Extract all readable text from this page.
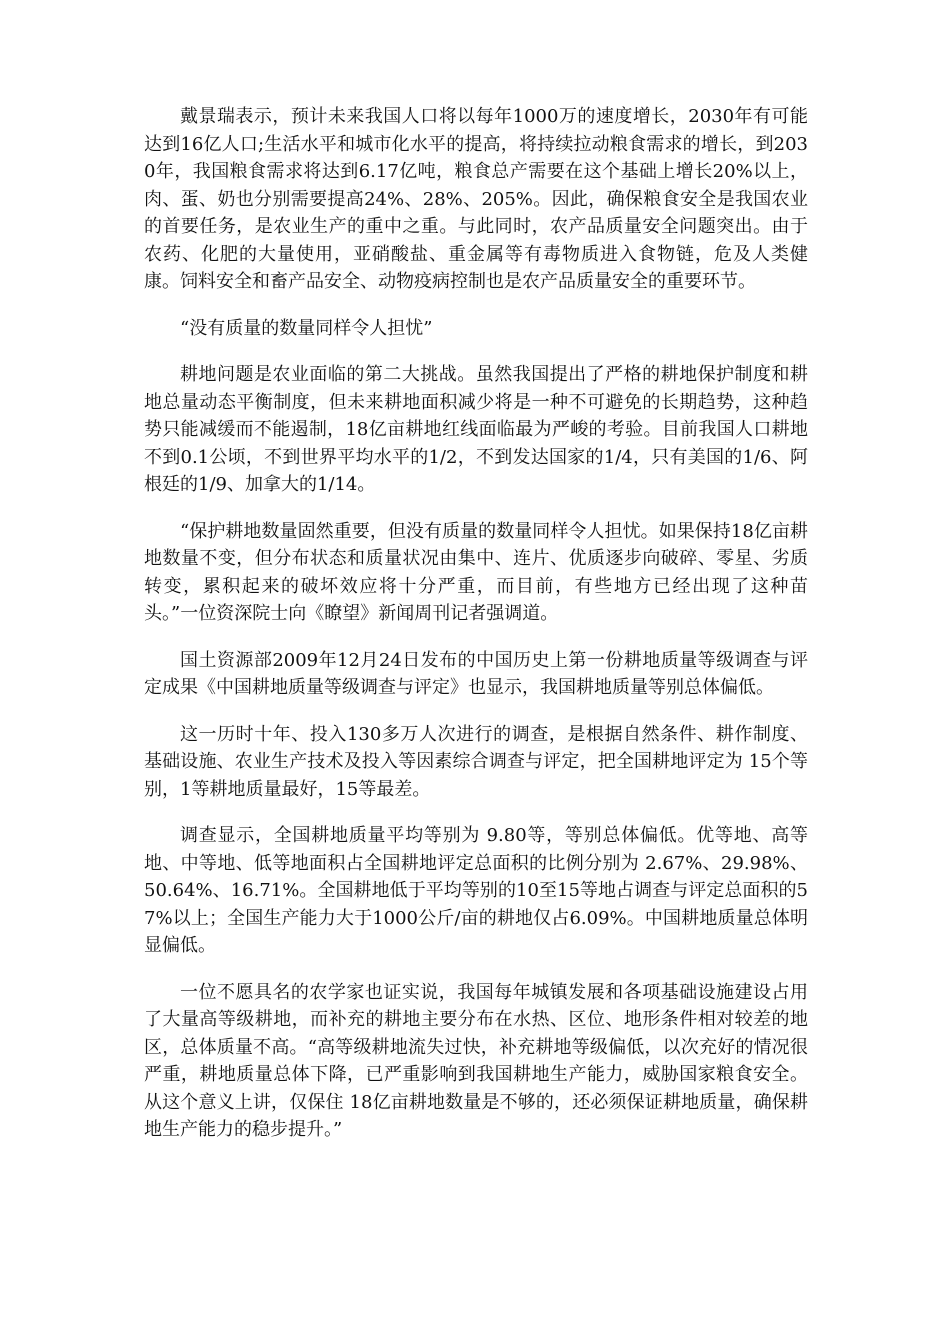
戴景瑞表示，预计未来我国人口将以每年1000万的速度增长，2030年有可能达到16亿人口;生活水平和城市化水平的提高，将持续拉动粮食需求的增长，到2030年，我国粮食需求将达到6.17亿吨，粮食总产需要在这个基础上增长20%以上，肉、蛋、奶也分别需要提高24%、28%、205%。因此，确保粮食安全是我国农业的首要任务，是农业生产的重中之重。与此同时，农产品质量安全问题突出。由于农药、化肥的大量使用，亚硝酸盐、重金属等有毒物质进入食物链，危及人类健康。饲料安全和畜产品安全、动物疫病控制也是农产品质量安全的重要环节。

“没有质量的数量同样令人担忧”

耕地问题是农业面临的第二大挑战。虽然我国提出了严格的耕地保护制度和耕地总量动态平衡制度，但未来耕地面积减少将是一种不可避免的长期趋势，这种趋势只能减缓而不能遏制，18亿亩耕地红线面临最为严峻的考验。目前我国人口耕地不到0.1公顷，不到世界平均水平的1/2，不到发达国家的1/4，只有美国的1/6、阿根廷的1/9、加拿大的1/14。

“保护耕地数量固然重要，但没有质量的数量同样令人担忧。如果保持18亿亩耕地数量不变，但分布状态和质量状况由集中、连片、优质逐步向破碎、零星、劣质转变，累积起来的破坏效应将十分严重，而目前，有些地方已经出现了这种苗头。”一位资深院士向《瞭望》新闻周刊记者强调道。

国土资源部2009年12月24日发布的中国历史上第一份耕地质量等级调查与评定成果《中国耕地质量等级调查与评定》也显示，我国耕地质量等别总体偏低。

这一历时十年、投入130多万人次进行的调查，是根据自然条件、耕作制度、基础设施、农业生产技术及投入等因素综合调查与评定，把全国耕地评定为 15个等别，1等耕地质量最好，15等最差。

调查显示，全国耕地质量平均等别为 9.80等，等别总体偏低。优等地、高等地、中等地、低等地面积占全国耕地评定总面积的比例分别为 2.67%、29.98%、50.64%、16.71%。全国耕地低于平均等别的10至15等地占调查与评定总面积的57%以上；全国生产能力大于1000公斤/亩的耕地仅占6.09%。中国耕地质量总体明显偏低。

一位不愿具名的农学家也证实说，我国每年城镇发展和各项基础设施建设占用了大量高等级耕地，而补充的耕地主要分布在水热、区位、地形条件相对较差的地区，总体质量不高。“高等级耕地流失过快，补充耕地等级偏低，以次充好的情况很严重，耕地质量总体下降，已严重影响到我国耕地生产能力，威胁国家粮食安全。从这个意义上讲，仅保住 18亿亩耕地数量是不够的，还必须保证耕地质量，确保耕地生产能力的稳步提升。”
